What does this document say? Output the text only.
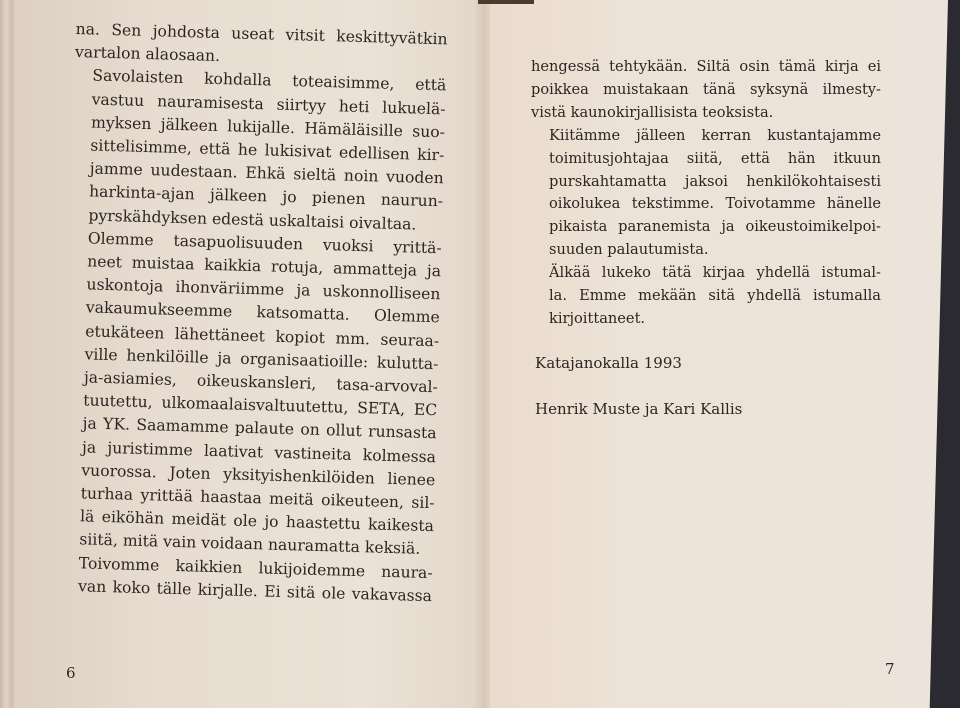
na. Sen johdosta useat vitsit keskittyvätkin
vartalon alaosaan.

Savolaisten kohdalla toteaisimme, että
vastuu nauramisesta siirtyy heti lukuelä-
myksen jälkeen lukijalle. Hämäläisille suo-
sittelisimme, että he lukisivat edellisen kir-
jamme uudestaan. Ehkä sieltä noin vuoden
harkinta-ajan jälkeen jo pienen naurun-
pyrskähdyksen edestä uskaltaisi oivaltaa.

Olemme tasapuolisuuden vuoksi yrittä-
neet muistaa kaikkia rotuja, ammatteja ja
uskontoja ihonväriimme ja uskonnolliseen
vakaumukseemme katsomatta. Olemme
etukäteen lähettäneet kopiot mm. seuraa-
ville henkilöille ja organisaatioille: kulutta-
ja-asiamies, oikeuskansleri, tasa-arvoval-
tuutettu, ulkomaalaisvaltuutettu, SETA, EC
ja YK. Saamamme palaute on ollut runsasta
ja juristimme laativat vastineita kolmessa
vuorossa. Joten yksityishenkilöiden lienee
turhaa yrittää haastaa meitä oikeuteen, sil-
lä eiköhän meidät ole jo haastettu kaikesta
siitä, mitä vain voidaan nauramatta keksiä.

Toivomme kaikkien lukijoidemme naura-
van koko tälle kirjalle. Ei sitä ole vakavassa

6

hengessä tehtykään. Siltä osin tämä kirja ei
poikkea muistakaan tänä syksynä ilmesty-
vistä kaunokirjallisista teoksista.

Kiitämme jälleen kerran kustantajamme
toimitusjohtajaa siitä, että hän itkuun
purskahtamatta jaksoi henkilökohtaisesti
oikolukea tekstimme. Toivotamme hänelle
pikaista paranemista ja oikeustoimikelpoi-
suuden palautumista.

Älkää lukeko tätä kirjaa yhdellä istumal-
la. Emme mekään sitä yhdellä istumalla
kirjoittaneet.

Katajanokalla 1993
Henrik Muste ja Kari Kallis
7
